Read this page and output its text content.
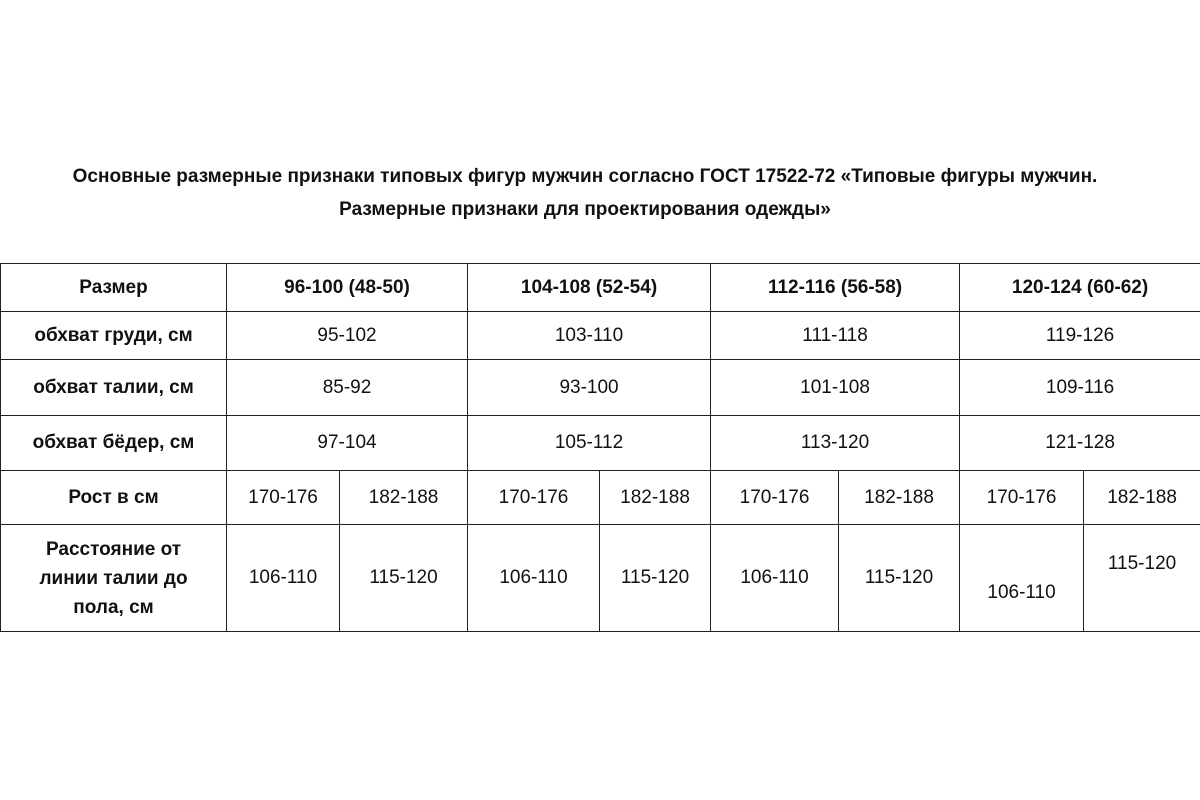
Основные размерные признаки типовых фигур мужчин согласно ГОСТ 17522-72 «Типовые фигуры мужчин.
Размерные признаки для проектирования одежды»
Размер	96-100 (48-50)		104-108 (52-54)		112-116 (56-58)		120-124 (60-62)	
обхват груди, см	95-102		103-110		111-118		119-126	
обхват талии, см	85-92		93-100		101-108		109-116	
обхват бёдер, см	97-104		105-112		113-120		121-128	
Рост в см	170-176	182-188	170-176	182-188	170-176	182-188	170-176	182-188
Расстояние от
линии талии до
пола, см	106-110	115-120	106-110	115-120	106-110	115-120	106-110	115-120
